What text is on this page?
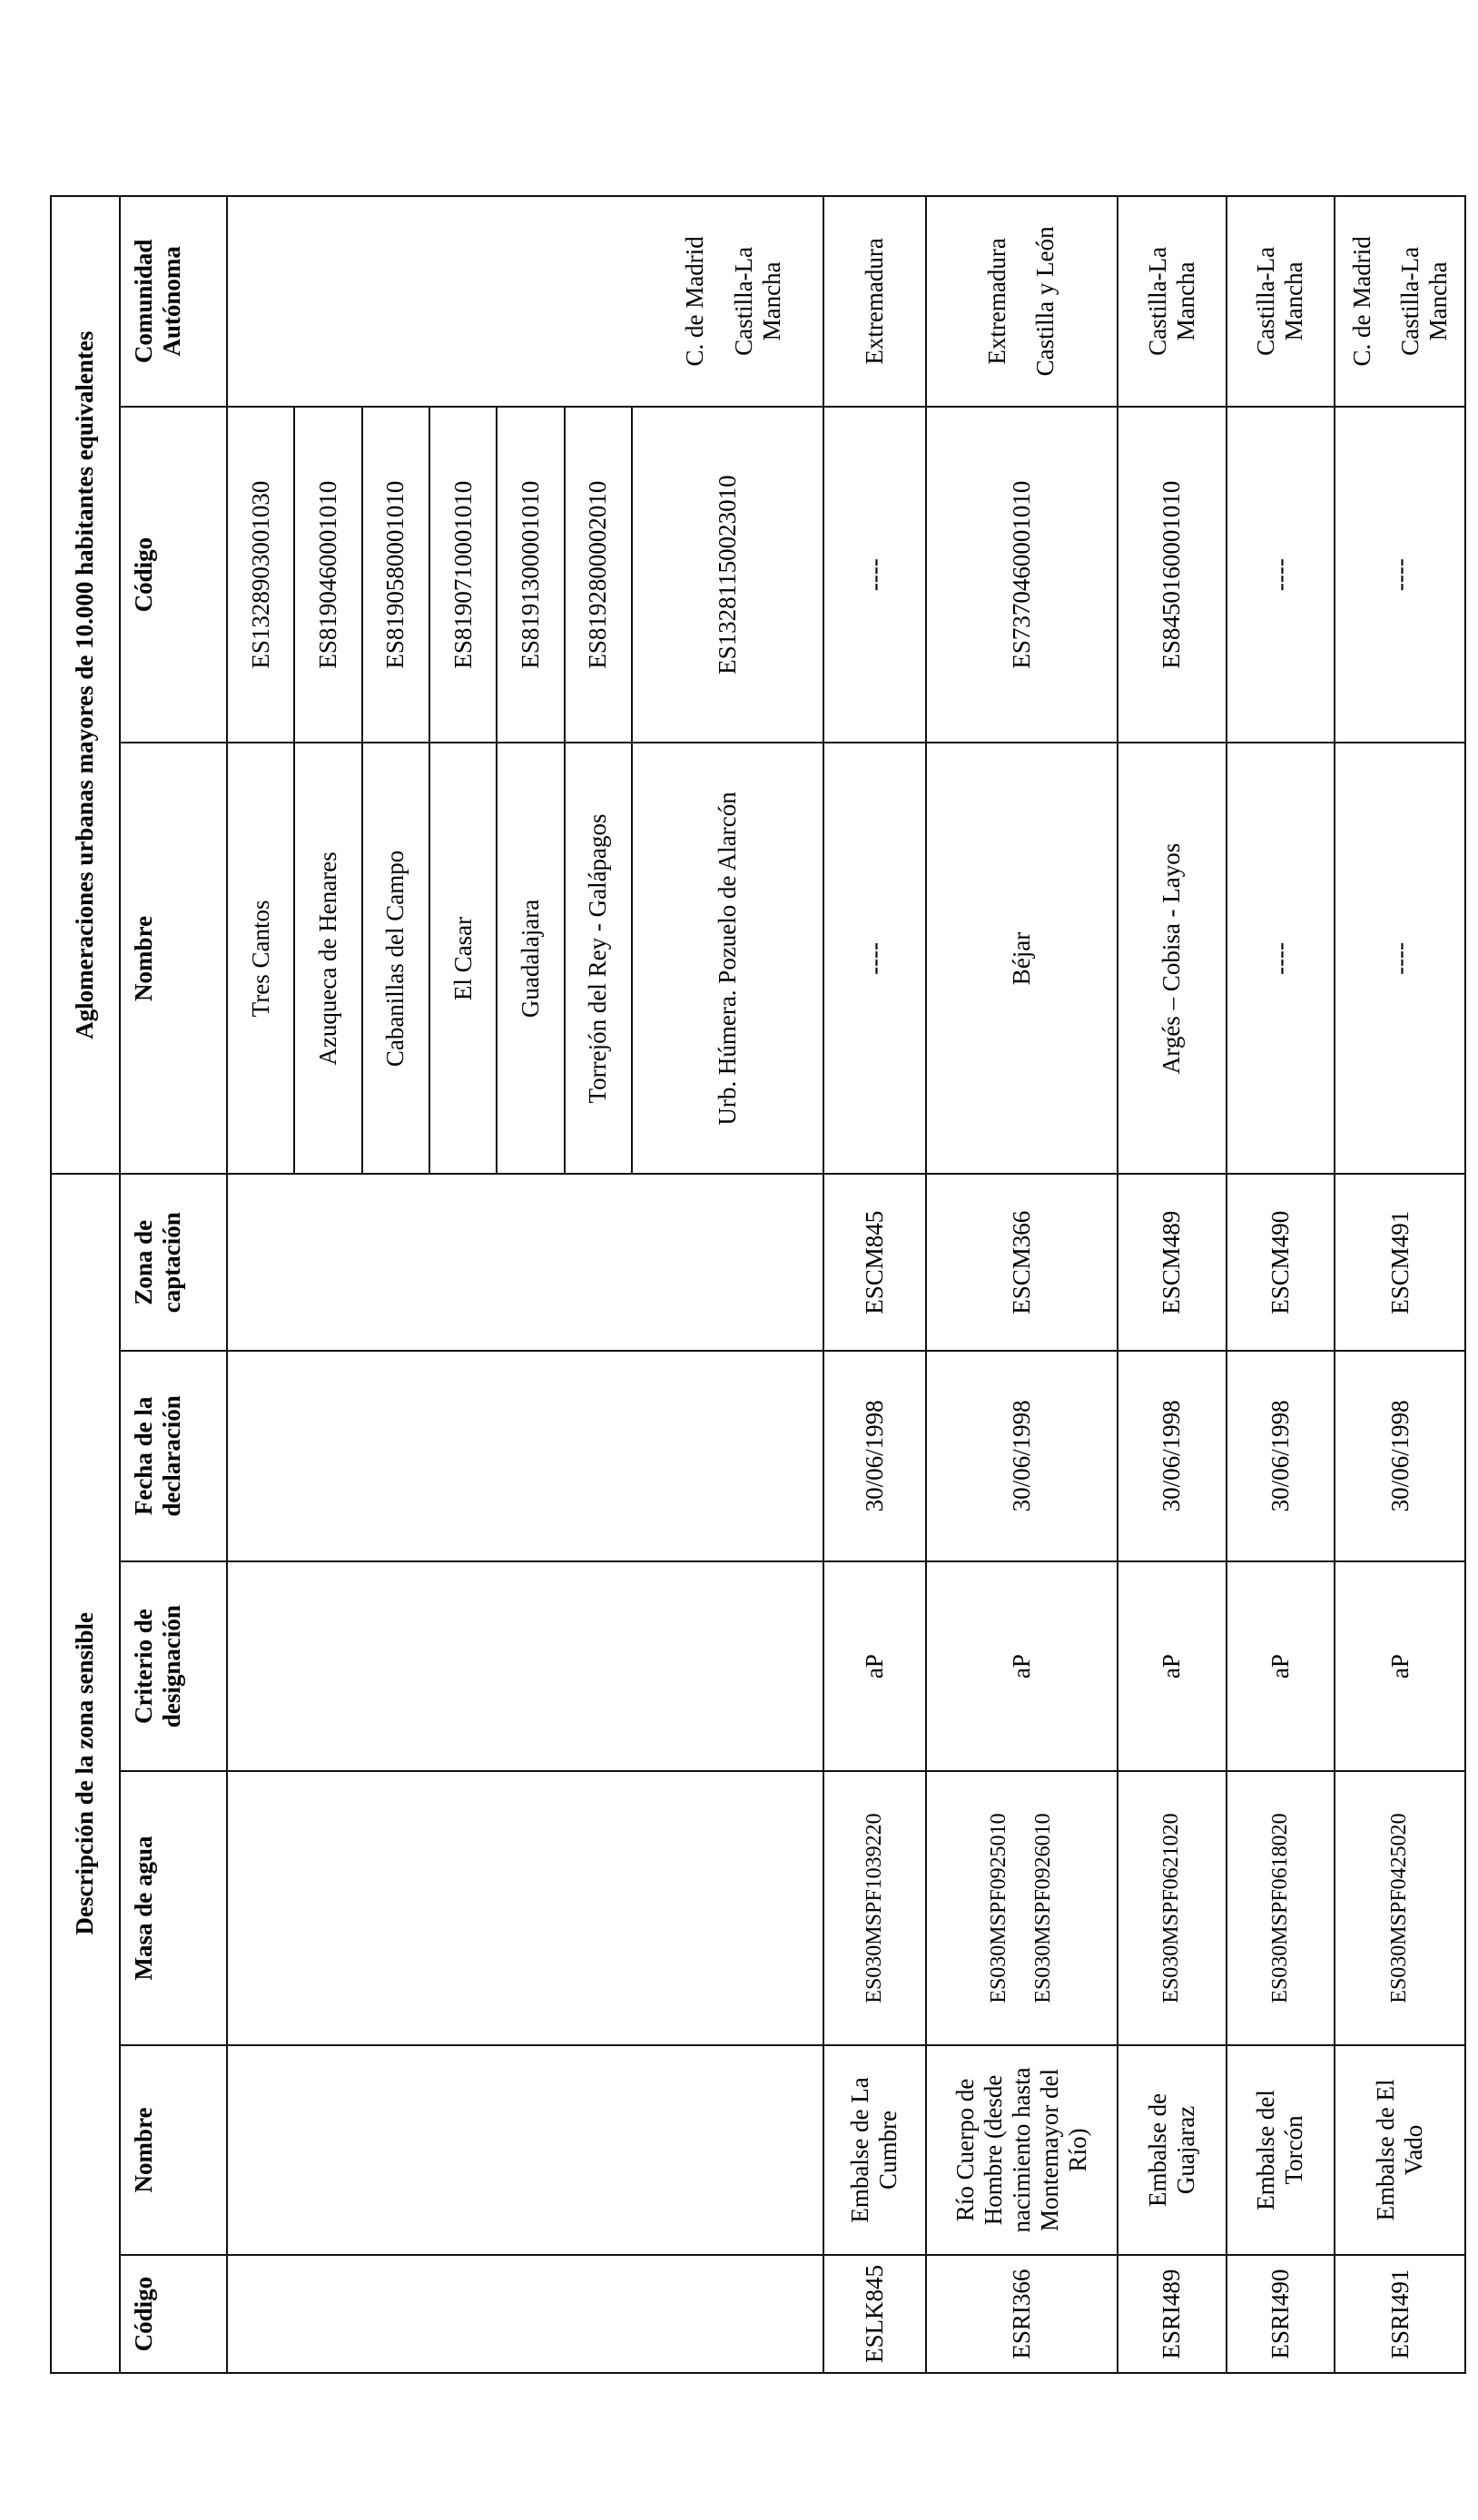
Descripción de la zona sensible						Aglomeraciones urbanas mayores de 10.000 habitantes equivalentes		
Código	Nombre	Masa de agua	Criterio de designación	Fecha de la declaración	Zona de captación	Nombre	Código	Comunidad Autónoma
						Tres Cantos	ES1328903001030	C. de Madrid Castilla-La Mancha

						Azuqueca de Henares	ES8190460001010	
						Cabanillas del Campo	ES8190580001010	
						El Casar	ES8190710001010	
						Guadalajara	ES8191300001010	
						Torrejón del Rey - Galápagos	ES8192800002010	
						Urb. Húmera. Pozuelo de Alarcón	ES13281150023010	
ESLK845	Embalse de La Cumbre	ES030MSPF1039220	aP	30/06/1998	ESCM845	----	----	Extremadura
ESRI366	Río Cuerpo de Hombre (desde nacimiento hasta Montemayor del Río)	ES030MSPF0925010 ES030MSPF0926010	aP	30/06/1998	ESCM366	Béjar	ES7370460001010	Extremadura Castilla y León

ESRI489	Embalse de Guajaraz	ES030MSPF0621020	aP	30/06/1998	ESCM489	Argés – Cobisa - Layos	ES8450160001010	Castilla-La Mancha
ESRI490	Embalse del Torcón	ES030MSPF0618020	aP	30/06/1998	ESCM490	----	----	Castilla-La Mancha
ESRI491	Embalse de El Vado	ES030MSPF0425020	aP	30/06/1998	ESCM491	----	----	C. de Madrid Castilla-La Mancha
